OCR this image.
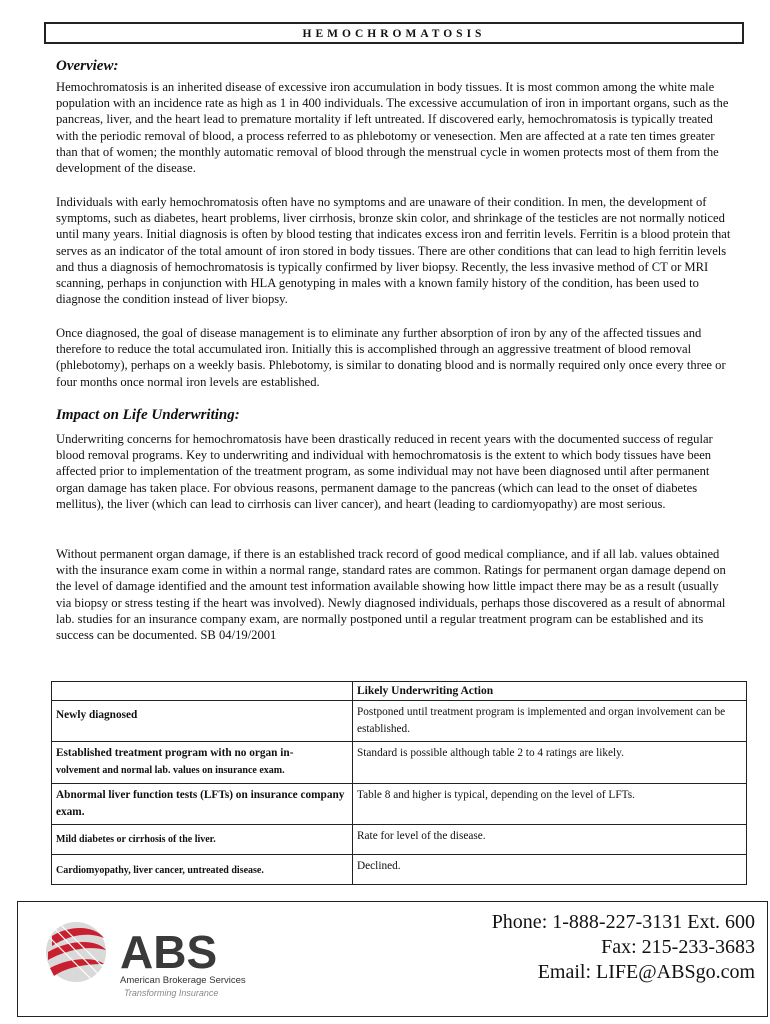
HEMOCHROMATOSIS
Overview:

Hemochromatosis is an inherited disease of excessive iron accumulation in body tissues. It is most common among the white male population with an incidence rate as high as 1 in 400 individuals. The excessive accumulation of iron in important organs, such as the pancreas, liver, and the heart lead to premature mortality if left untreated. If discovered early, hemochromatosis is typically treated with the periodic removal of blood, a process referred to as phlebotomy or venesection. Men are affected at a rate ten times greater than that of women; the monthly automatic removal of blood through the menstrual cycle in women protects most of them from the development of the disease.

Individuals with early hemochromatosis often have no symptoms and are unaware of their condition. In men, the development of symptoms, such as diabetes, heart problems, liver cirrhosis, bronze skin color, and shrinkage of the testicles are not normally noticed until many years. Initial diagnosis is often by blood testing that indicates excess iron and ferritin levels. Ferritin is a blood protein that serves as an indicator of the total amount of iron stored in body tissues. There are other conditions that can lead to high ferritin levels and thus a diagnosis of hemochromatosis is typically confirmed by liver biopsy. Recently, the less invasive method of CT or MRI scanning, perhaps in conjunction with HLA genotyping in males with a known family history of the condition, has been used to diagnose the condition instead of liver biopsy.

Once diagnosed, the goal of disease management is to eliminate any further absorption of iron by any of the affected tissues and therefore to reduce the total accumulated iron. Initially this is accomplished through an aggressive treatment of blood removal (phlebotomy), perhaps on a weekly basis. Phlebotomy, is similar to donating blood and is normally required only once every three or four months once normal iron levels are established.

Impact on Life Underwriting:

Underwriting concerns for hemochromatosis have been drastically reduced in recent years with the documented success of regular blood removal programs. Key to underwriting and individual with hemochromatosis is the extent to which body tissues have been affected prior to implementation of the treatment program, as some individual may not have been diagnosed until after permanent organ damage has taken place. For obvious reasons, permanent damage to the pancreas (which can lead to the onset of diabetes mellitus), the liver (which can lead to cirrhosis can liver cancer), and heart (leading to cardiomyopathy) are most serious.

Without permanent organ damage, if there is an established track record of good medical compliance, and if all lab. values obtained with the insurance exam come in within a normal range, standard rates are common. Ratings for permanent organ damage depend on the level of damage identified and the amount test information available showing how little impact there may be as a result (usually via biopsy or stress testing if the heart was involved). Newly diagnosed individuals, perhaps those discovered as a result of abnormal lab. studies for an insurance company exam, are normally postponed until a regular treatment program can be established and its success can be documented. SB 04/19/2001

	Likely Underwriting Action
Newly diagnosed	Postponed until treatment program is implemented and organ involvement can be established.

Established treatment program with no organ in-
volvement and normal lab. values on insurance exam.	Standard is possible although table 2 to 4 ratings are likely.
Abnormal liver function tests (LFTs) on insurance company exam.	Table 8 and higher is typical, depending on the level of LFTs.
Mild diabetes or cirrhosis of the liver.	Rate for level of the disease.
Cardiomyopathy, liver cancer, untreated disease.	Declined.
ABS
American Brokerage Services
Transforming Insurance
Phone: 1-888-227-3131 Ext. 600
Fax: 215-233-3683
Email: LIFE@ABSgo.com
